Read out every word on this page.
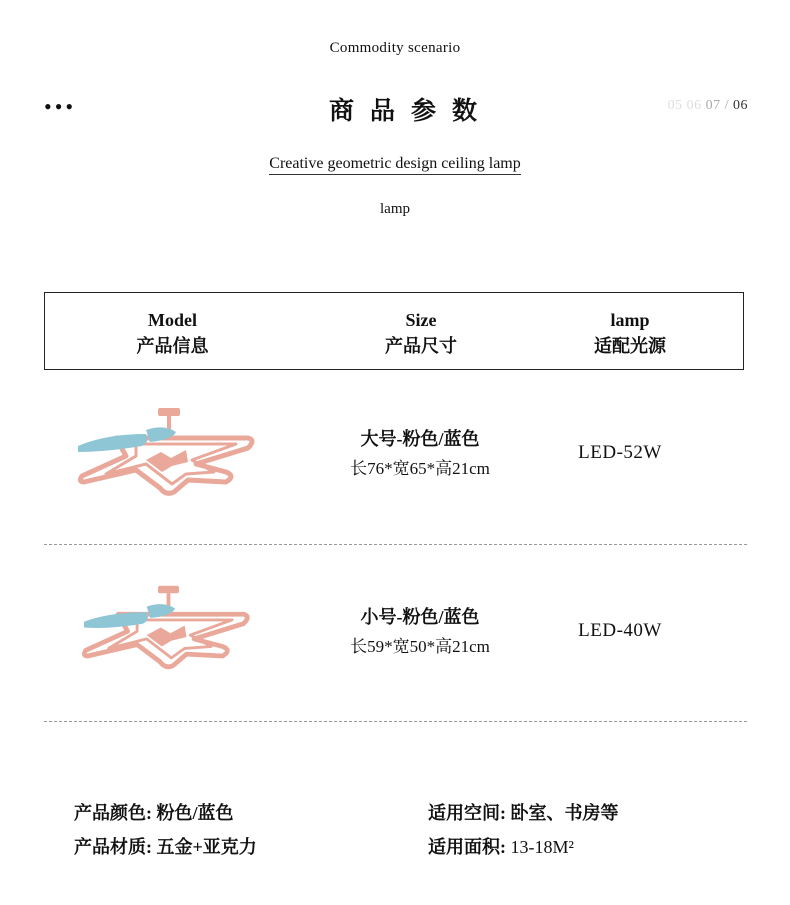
Commodity scenario
•••	商品参数	05 06 07 / 06
Creative geometric design ceiling lamp
lamp
Model
产品信息
Size
产品尺寸
lamp
适配光源
大号-粉色/蓝色
长76*宽65*高21cm
LED-52W
小号-粉色/蓝色
长59*宽50*高21cm
LED-40W
产品颜色: 粉色/蓝色
产品材质: 五金+亚克力
适用空间: 卧室、书房等
适用面积: 13-18M²
